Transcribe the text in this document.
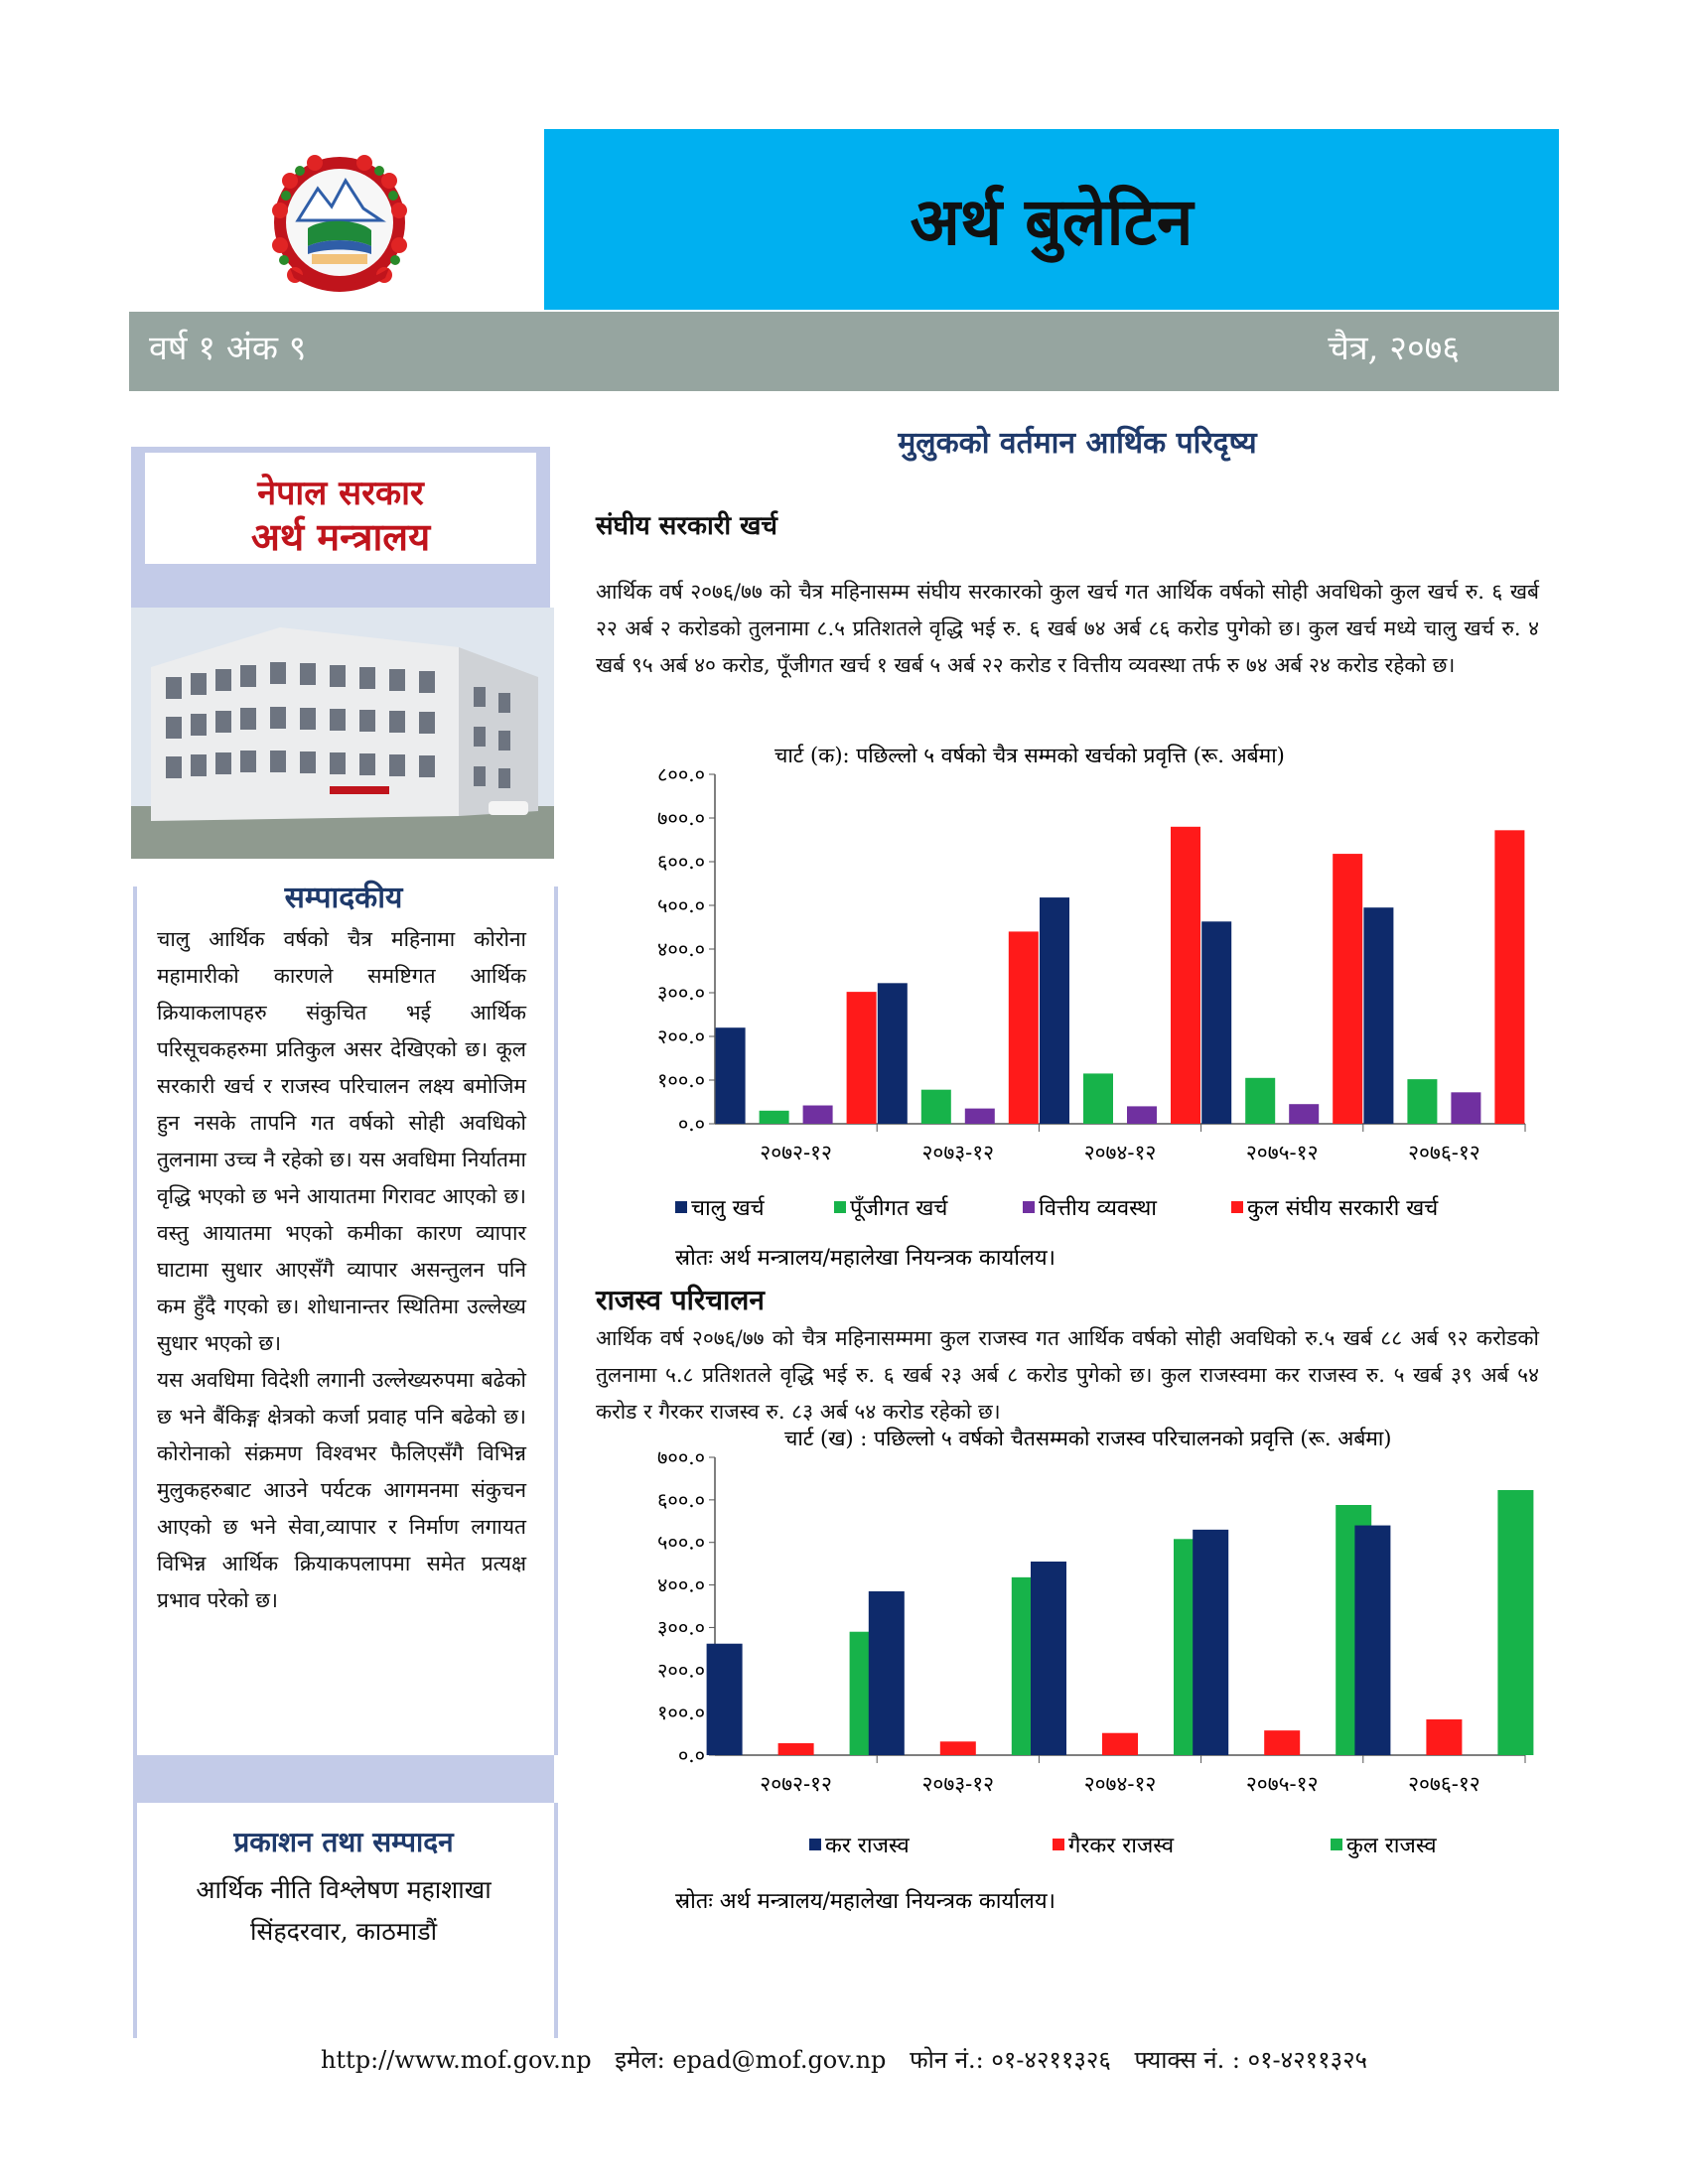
अर्थ बुलेटिन
वर्ष १ अंक ९	चैत्र, २०७६
नेपाल सरकार
अर्थ मन्त्रालय
सम्पादकीय

चालु आर्थिक वर्षको चैत्र महिनामा कोरोना महामारीको कारणले समष्टिगत आर्थिक क्रियाकलापहरु संकुचित भई आर्थिक परिसूचकहरुमा प्रतिकुल असर देखिएको छ। कूल सरकारी खर्च र राजस्व परिचालन लक्ष्य बमोजिम हुन नसके तापनि गत वर्षको सोही अवधिको तुलनामा उच्च नै रहेको छ। यस अवधिमा निर्यातमा वृद्धि भएको छ भने आयातमा गिरावट आएको छ। वस्तु आयातमा भएको कमीका कारण व्यापार घाटामा सुधार आएसँगै व्यापार असन्तुलन पनि कम हुँदै गएको छ। शोधानान्तर स्थितिमा उल्लेख्य सुधार भएको छ।

यस अवधिमा विदेशी लगानी उल्लेख्यरुपमा बढेको छ भने बैंकिङ्ग क्षेत्रको कर्जा प्रवाह पनि बढेको छ। कोरोनाको संक्रमण विश्वभर फैलिएसँगै विभिन्न मुलुकहरुबाट आउने पर्यटक आगमनमा संकुचन आएको छ भने सेवा,व्यापार र निर्माण लगायत विभिन्न आर्थिक क्रियाकपलापमा समेत प्रत्यक्ष प्रभाव परेको छ।

प्रकाशन तथा सम्पादन
आर्थिक नीति विश्लेषण महाशाखा
सिंहदरवार, काठमाडौं
मुलुकको वर्तमान आर्थिक परिदृष्य
संघीय सरकारी खर्च
आर्थिक वर्ष २०७६/७७ को चैत्र महिनासम्म संघीय सरकारको कुल खर्च गत आर्थिक वर्षको सोही अवधिको कुल खर्च रु. ६ खर्ब २२ अर्ब २ करोडको तुलनामा ८.५ प्रतिशतले वृद्धि भई रु. ६ खर्ब ७४ अर्ब ८६ करोड पुगेको छ। कुल खर्च मध्ये चालु खर्च रु. ४ खर्ब ९५ अर्ब ४० करोड, पूँजीगत खर्च १ खर्ब ५ अर्ब २२ करोड र वित्तीय व्यवस्था तर्फ रु ७४ अर्ब २४ करोड रहेको छ।
चार्ट (क): पछिल्लो ५ वर्षको चैत्र सम्मको खर्चको प्रवृत्ति (रू. अर्बमा)
०.०
१००.०
२००.०
३००.०
४००.०
५००.०
६००.०
७००.०
८००.०
२०७२-१२	२०७३-१२	२०७४-१२	२०७५-१२	२०७६-१२
चालु खर्च	पूँजीगत खर्च	वित्तीय व्यवस्था	कुल संघीय सरकारी खर्च
स्रोतः अर्थ मन्त्रालय/महालेखा नियन्त्रक कार्यालय।
राजस्व परिचालन
आर्थिक वर्ष २०७६/७७ को चैत्र महिनासम्ममा कुल राजस्व गत आर्थिक वर्षको सोही अवधिको रु.५ खर्ब ८८ अर्ब ९२ करोडको तुलनामा ५.८ प्रतिशतले वृद्धि भई रु. ६ खर्ब २३ अर्ब ८ करोड पुगेको छ। कुल राजस्वमा कर राजस्व रु. ५ खर्ब ३९ अर्ब ५४ करोड र गैरकर राजस्व रु. ८३ अर्ब ५४ करोड रहेको छ।
चार्ट (ख) : पछिल्लो ५ वर्षको चैतसम्मको राजस्व परिचालनको प्रवृत्ति (रू. अर्बमा)
०.०
१००.०
२००.०
३००.०
४००.०
५००.०
६००.०
७००.०
२०७२-१२	२०७३-१२	२०७४-१२	२०७५-१२	२०७६-१२
कर राजस्व	गैरकर राजस्व	कुल राजस्व
स्रोतः अर्थ मन्त्रालय/महालेखा नियन्त्रक कार्यालय।
http://www.mof.gov.np इमेल: epad@mof.gov.np फोन नं.: ०१-४२११३२६ फ्याक्स नं. : ०१-४२११३२५
